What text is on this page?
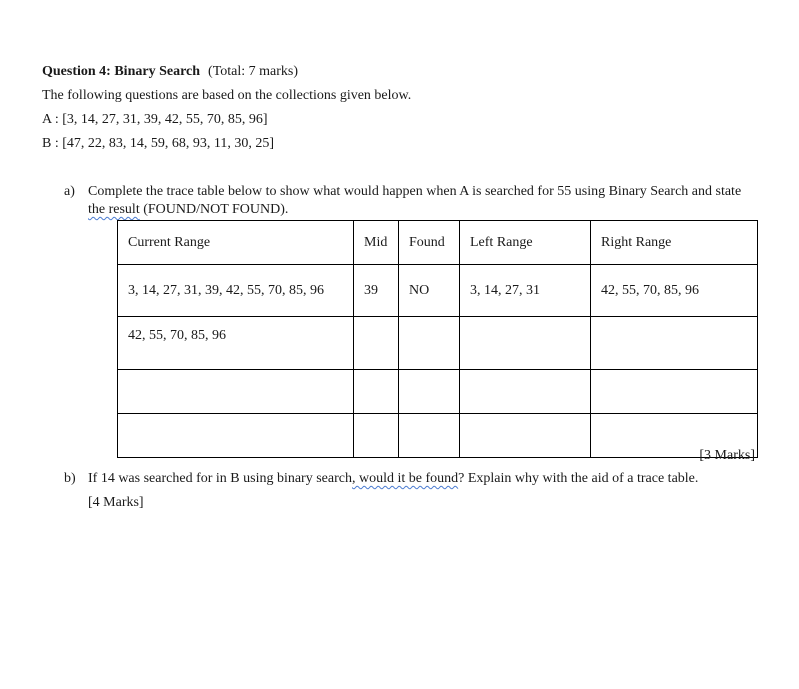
Question 4: Binary Search (Total: 7 marks)
The following questions are based on the collections given below.
A : [3, 14, 27, 31, 39, 42, 55, 70, 85, 96]
B : [47, 22, 83, 14, 59, 68, 93, 11, 30, 25]
a) Complete the trace table below to show what would happen when A is searched for 55 using Binary Search and state
the result (FOUND/NOT FOUND).
Current Range	Mid	Found	Left Range	Right Range
3, 14, 27, 31, 39, 42, 55, 70, 85, 96	39	NO	3, 14, 27, 31	42, 55, 70, 85, 96
42, 55, 70, 85, 96				

[3 Marks]
b) If 14 was searched for in B using binary search, would it be found? Explain why with the aid of a trace table.
[4 Marks]
